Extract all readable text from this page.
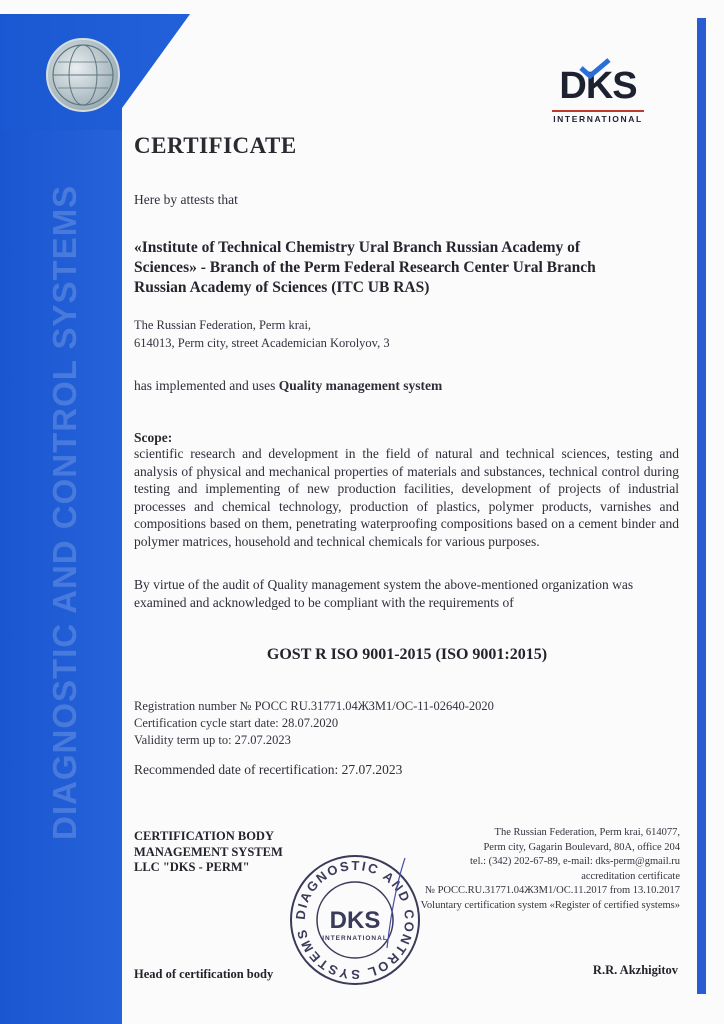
DIAGNOSTIC AND CONTROL SYSTEMS
DKS
INTERNATIONAL
CERTIFICATE
Here by attests that
«Institute of Technical Chemistry Ural Branch Russian Academy of Sciences» - Branch of the Perm Federal Research Center Ural Branch Russian Academy of Sciences (ITC UB RAS)
The Russian Federation, Perm krai,
614013, Perm city, street Academician Korolyov, 3
has implemented and uses Quality management system
Scope:
scientific research and development in the field of natural and technical sciences, testing and analysis of physical and mechanical properties of materials and substances, technical control during testing and implementing of new production facilities, development of projects of industrial processes and chemical technology, production of plastics, polymer products, varnishes and compositions based on them, penetrating waterproofing compositions based on a cement binder and polymer matrices, household and technical chemicals for various purposes.
By virtue of the audit of Quality management system the above-mentioned organization was examined and acknowledged to be compliant with the requirements of
GOST R ISO 9001-2015 (ISO 9001:2015)
Registration number № POCC RU.31771.04ЖЗМ1/OC-11-02640-2020
Certification cycle start date: 28.07.2020
Validity term up to: 27.07.2023
Recommended date of recertification: 27.07.2023
CERTIFICATION BODY
MANAGEMENT SYSTEM
LLC "DKS - PERM"
The Russian Federation, Perm krai, 614077,
Perm city, Gagarin Boulevard, 80A, office 204
tel.: (342) 202-67-89, e-mail: dks-perm@gmail.ru
accreditation certificate
№ POCC.RU.31771.04ЖЗМ1/OC.11.2017 from 13.10.2017
Voluntary certification system «Register of certified systems»
DIAGNOSTIC AND CONTROL SYSTEMS DKS
INTERNATIONAL
Head of certification body	R.R. Akzhigitov
